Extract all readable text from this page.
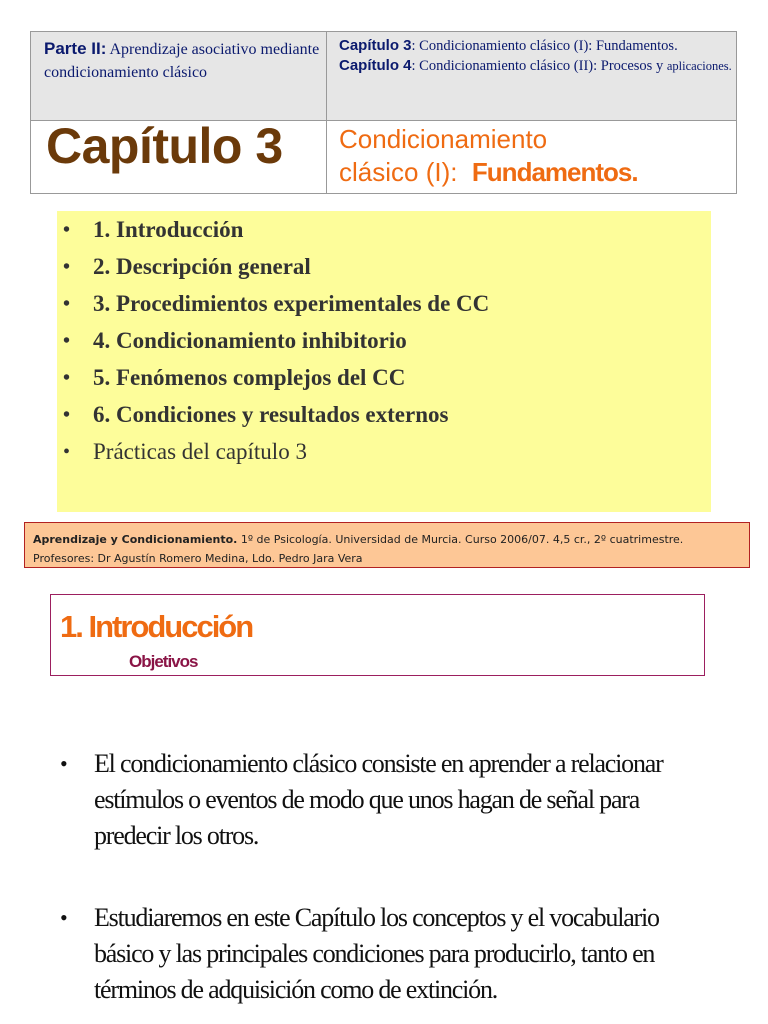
Parte II: Aprendizaje asociativo mediante condicionamiento clásico
Capítulo 3: Condicionamiento clásico (I): Fundamentos. Capítulo 4: Condicionamiento clásico (II): Procesos y aplicaciones.
Capítulo 3 Condicionamiento
clásico (I): Fundamentos.
• 1. Introducción
• 2. Descripción general
• 3. Procedimientos experimentales de CC
• 4. Condicionamiento inhibitorio
• 5. Fenómenos complejos del CC
• 6. Condiciones y resultados externos
• Prácticas del capítulo 3
Aprendizaje y Condicionamiento. 1º de Psicología. Universidad de Murcia. Curso 2006/07. 4,5 cr., 2º cuatrimestre.
Profesores: Dr Agustín Romero Medina, Ldo. Pedro Jara Vera
1. Introducción
Objetivos
• El condicionamiento clásico consiste en aprender a relacionar estímulos o eventos de modo que unos hagan de señal para predecir los otros.
• Estudiaremos en este Capítulo los conceptos y el vocabulario básico y las principales condiciones para producirlo, tanto en términos de adquisición como de extinción.
